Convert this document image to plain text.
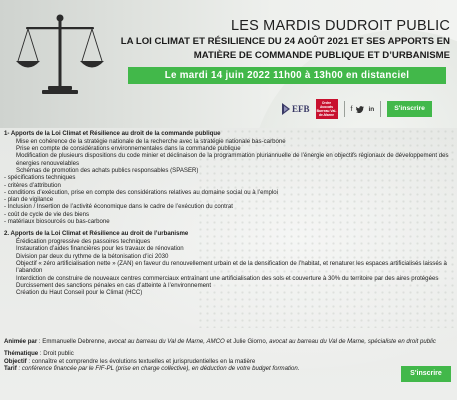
LES MARDIS DUDROIT PUBLIC
LA LOI CLIMAT ET RÉSILIENCE DU 24 AOÛT 2021 ET SES APPORTS EN
MATIÈRE DE COMMANDE PUBLIQUE ET D’URBANISME
Le mardi 14 juin 2022 11h00 à 13h00 en distanciel
EFB
Ordre Avocats Barreau Val-de-Marne
f in	S'inscrire
1- Apports de la Loi Climat et Résilience au droit de la commande publique
Mise en cohérence de la stratégie nationale de la recherche avec la stratégie nationale bas-carbone
Prise en compte de considérations environnementales dans la commande publique
Modification de plusieurs dispositions du code minier et déclinaison de la programmation pluriannuelle de l’énergie en objectifs régionaux de développement des énergies renouvelables
Schémas de promotion des achats publics responsables (SPASER)
- spécifications techniques
- critères d’attribution
- conditions d’exécution, prise en compte des considérations relatives au domaine social ou à l’emploi
- plan de vigilance
- Inclusion / Insertion de l’activité économique dans le cadre de l’exécution du contrat
- coût de cycle de vie des biens
- matériaux biosourcés ou bas-carbone
2. Apports de la Loi Climat et Résilience au droit de l’urbanisme
Érédication progressive des passoires techniques
Instauration d’aides financières pour les travaux de rénovation
Division par deux du rythme de la bétonisation d’ici 2030
Objectif « zéro artificialisation nette » (ZAN) en faveur du renouvellement urbain et de la densification de l’habitat, et renaturer les espaces artificialisés laissés à l’abandon
Interdiction de construire de nouveaux centres commerciaux entraînant une artificialisation des sols et couverture à 30% du territoire par des aires protégées
Durcissement des sanctions pénales en cas d’atteinte à l’environnement
Création du Haut Conseil pour le Climat (HCC)
Animée par : Emmanuelle Debrenne, avocat au barreau du Val de Marne, AMCO et Julie Giorno, avocat au barreau du Val de Marne, spécialiste en droit public
Thématique : Droit public
Objectif : connaître et comprendre les évolutions textuelles et jurisprudentielles en la matière
Tarif : conférence financée par le FIF-PL (prise en charge collective), en déduction de votre budget formation.
S'inscrire
